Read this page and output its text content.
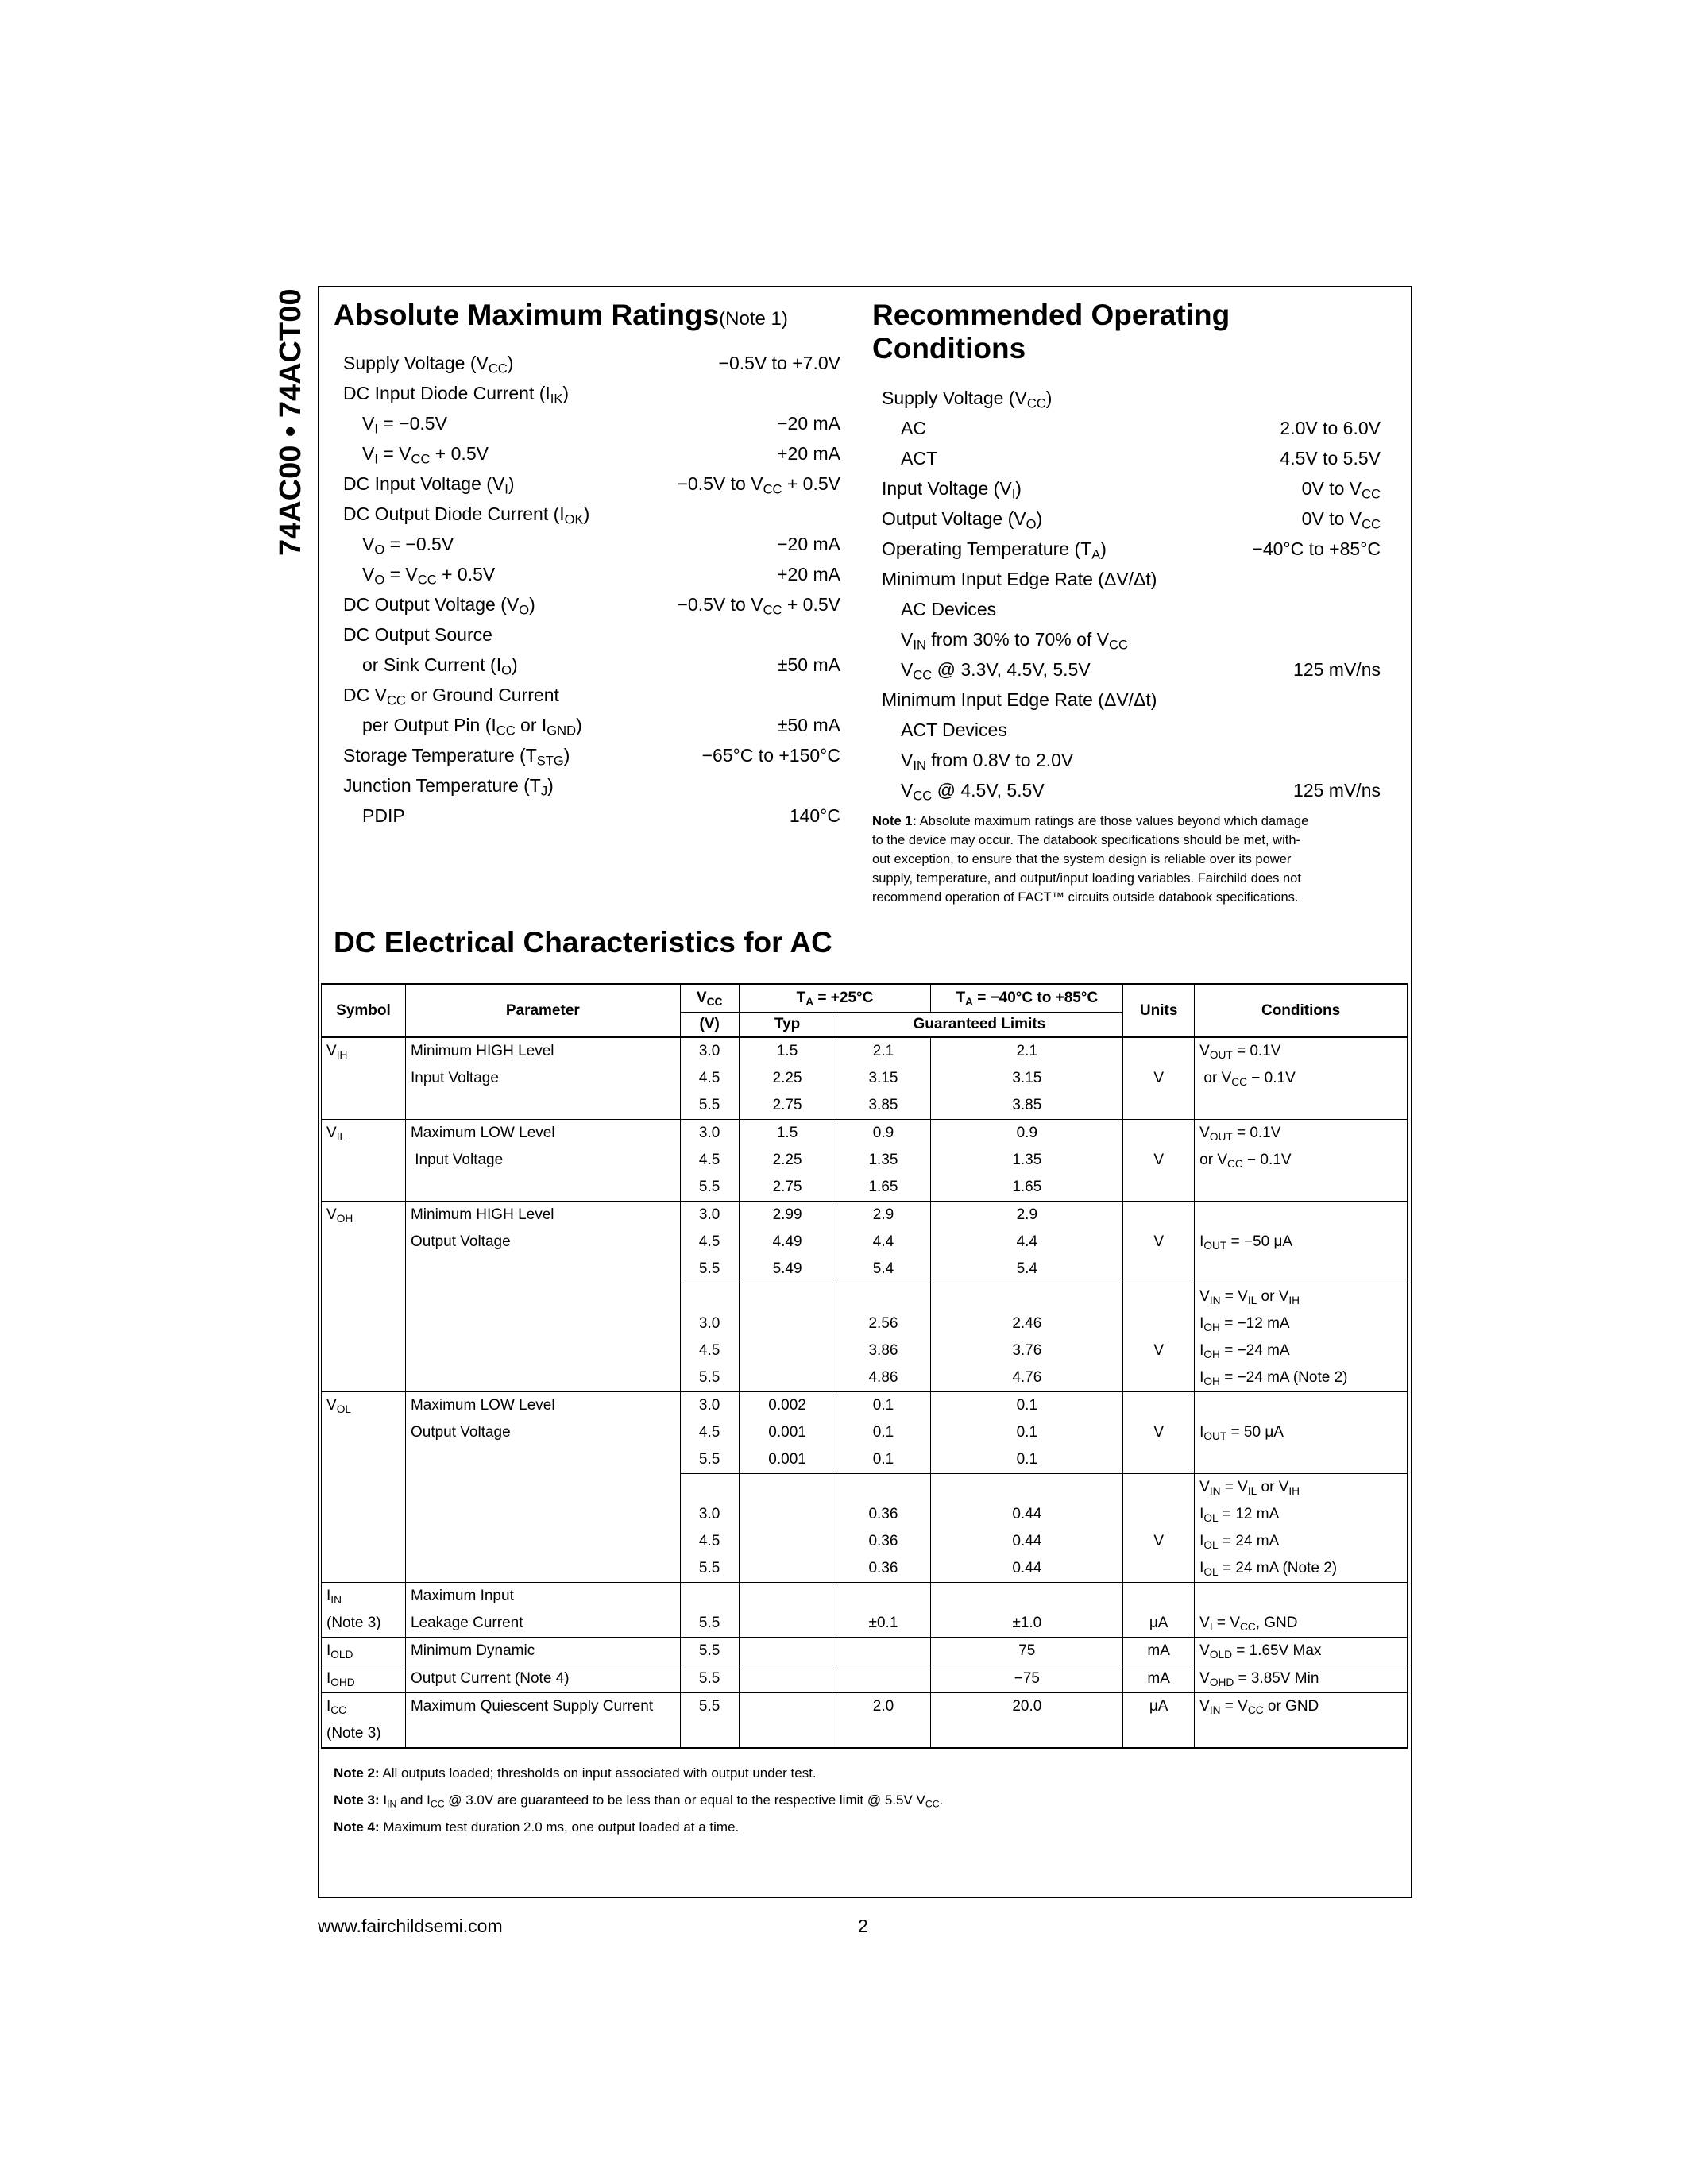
74AC00 • 74ACT00 Absolute Maximum Ratings(Note 1)
Supply Voltage $(V_{CC})$	−0.5V to +7.0V
DC Input Diode Current $(I_{IK})$
$V_I = -0.5V$	−20 mA
$V_I = V_{CC} + 0.5V$	+20 mA
DC Input Voltage $(V_I)$	−0.5V to $V_{CC} + 0.5V$
DC Output Diode Current $(I_{OK})$
$V_O = -0.5V$	−20 mA
$V_O = V_{CC} + 0.5V$	+20 mA
DC Output Voltage $(V_O)$	−0.5V to $V_{CC} + 0.5V$
DC Output Source
or Sink Current $(I_O)$	±50 mA
DC $V_{CC}$ or Ground Current
per Output Pin ($I_{CC}$ or $I_{GND}$)	±50 mA
Storage Temperature $(T_{STG})$	−65°C to +150°C
Junction Temperature $(T_J)$
PDIP	140°C
Recommended Operating
Conditions
Supply Voltage $(V_{CC})$
AC	2.0V to 6.0V
ACT	4.5V to 5.5V
Input Voltage $(V_I)$	0V to $V_{CC}$
Output Voltage $(V_O)$	0V to $V_{CC}$
Operating Temperature $(T_A)$	−40°C to +85°C
Minimum Input Edge Rate (ΔV/Δt)
AC Devices
$V_{IN}$ from 30% to 70% of $V_{CC}$
$V_{CC}$ @ 3.3V, 4.5V, 5.5V	125 mV/ns
Minimum Input Edge Rate (ΔV/Δt)
ACT Devices
$V_{IN}$ from 0.8V to 2.0V
$V_{CC}$ @ 4.5V, 5.5V	125 mV/ns
Note 1: Absolute maximum ratings are those values beyond which damage
to the device may occur. The databook specifications should be met, with-
out exception, to ensure that the system design is reliable over its power
supply, temperature, and output/input loading variables. Fairchild does not
recommend operation of FACT™ circuits outside databook specifications.
DC Electrical Characteristics for AC
Symbol	Parameter	$V_{CC}$	$T_A = +25^\circ C$		$T_A = -40^\circ C$ to +85°C	Units	Conditions
		(V)	Typ	Guaranteed Limits			
$V_{IH}$	Minimum HIGH Level	3.0	1.5	2.1	2.1		$V_{OUT} = 0.1V$
	Input Voltage	4.5	2.25	3.15	3.15	V	or $V_{CC} - 0.1V$
		5.5	2.75	3.85	3.85		
$V_{IL}$	Maximum LOW Level	3.0	1.5	0.9	0.9		$V_{OUT} = 0.1V$
	Input Voltage	4.5	2.25	1.35	1.35	V	or $V_{CC} - 0.1V$
		5.5	2.75	1.65	1.65		
$V_{OH}$	Minimum HIGH Level	3.0	2.99	2.9	2.9		
	Output Voltage	4.5	4.49	4.4	4.4	V	$I_{OUT} = -50$ μA
		5.5	5.49	5.4	5.4		
							$V_{IN} = V_{IL}$ or $V_{IH}$
		3.0		2.56	2.46		$I_{OH} = -12$ mA
		4.5		3.86	3.76	V	$I_{OH} = -24$ mA
		5.5		4.86	4.76		$I_{OH} = -24$ mA (Note 2)
$V_{OL}$	Maximum LOW Level	3.0	0.002	0.1	0.1		
	Output Voltage	4.5	0.001	0.1	0.1	V	$I_{OUT} = 50$ μA
		5.5	0.001	0.1	0.1		
							$V_{IN} = V_{IL}$ or $V_{IH}$
		3.0		0.36	0.44		$I_{OL} = 12$ mA
		4.5		0.36	0.44	V	$I_{OL} = 24$ mA
		5.5		0.36	0.44		$I_{OL} = 24$ mA (Note 2)
$I_{IN}$	Maximum Input						
(Note 3)	Leakage Current	5.5		±0.1	±1.0	μA	$V_I = V_{CC}$, GND
$I_{OLD}$	Minimum Dynamic	5.5			75	mA	$V_{OLD} = 1.65V$ Max
$I_{OHD}$	Output Current (Note 4)	5.5			−75	mA	$V_{OHD} = 3.85V$ Min
$I_{CC}$	Maximum Quiescent Supply Current	5.5		2.0	20.0	μA	$V_{IN} = V_{CC}$ or GND
(Note 3)							
Note 2: All outputs loaded; thresholds on input associated with output under test.
Note 3: $I_{IN}$ and $I_{CC}$ @ 3.0V are guaranteed to be less than or equal to the respective limit @ 5.5V $V_{CC}$.
Note 4: Maximum test duration 2.0 ms, one output loaded at a time.
www.fairchildsemi.com	2
